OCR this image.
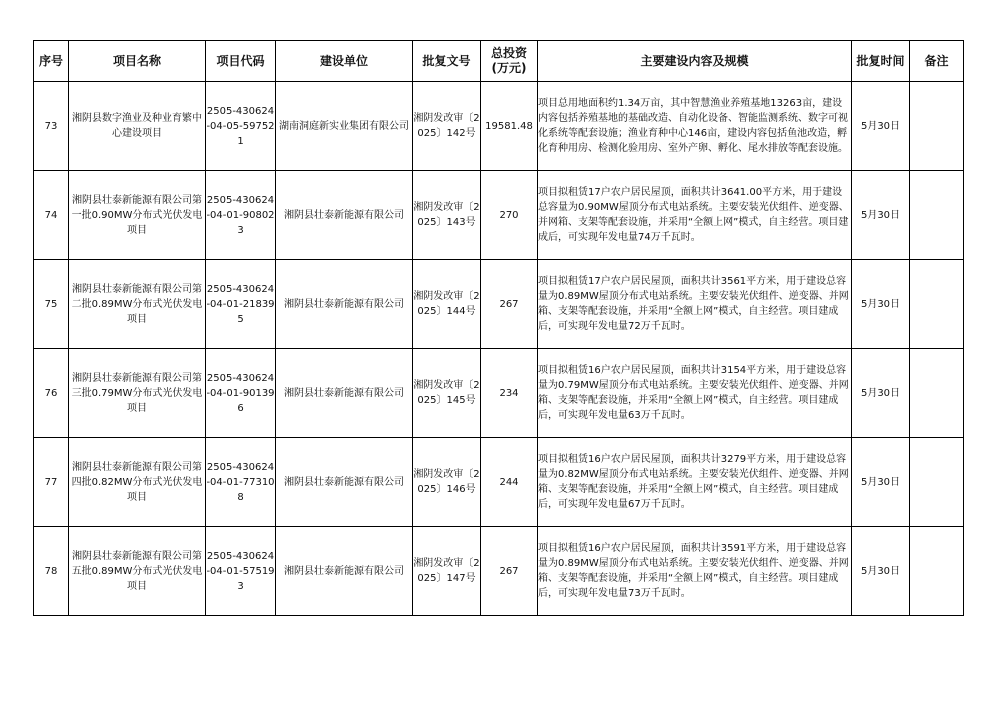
序号	项目名称	项目代码	建设单位	批复文号	总投资
(万元)	主要建设内容及规模	批复时间	备注
73	湘阴县数字渔业及种业育繁中心建设项目	2505-430624-04-05-597521	湖南洞庭新实业集团有限公司	湘阴发改审〔2025〕142号	19581.48	项目总用地面积约1.34万亩，其中智慧渔业养殖基地13263亩，建设内容包括养殖基地的基础改造、自动化设备、智能监测系统、数字可视化系统等配套设施；渔业育种中心146亩，建设内容包括鱼池改造，孵化育种用房、检测化验用房、室外产卵、孵化、尾水排放等配套设施。	5月30日	
74	湘阴县壮泰新能源有限公司第一批0.90MW分布式光伏发电项目	2505-430624-04-01-908023	湘阴县壮泰新能源有限公司	湘阴发改审〔2025〕143号	270	项目拟租赁17户农户居民屋顶，面积共计3641.00平方米，用于建设总容量为0.90MW屋顶分布式电站系统。主要安装光伏组件、逆变器、并网箱、支架等配套设施，并采用“全额上网”模式，自主经营。项目建成后，可实现年发电量74万千瓦时。	5月30日	
75	湘阴县壮泰新能源有限公司第二批0.89MW分布式光伏发电项目	2505-430624-04-01-218395	湘阴县壮泰新能源有限公司	湘阴发改审〔2025〕144号	267	项目拟租赁17户农户居民屋顶，面积共计3561平方米，用于建设总容量为0.89MW屋顶分布式电站系统。主要安装光伏组件、逆变器、并网箱、支架等配套设施，并采用“全额上网”模式，自主经营。项目建成后，可实现年发电量72万千瓦时。	5月30日	
76	湘阴县壮泰新能源有限公司第三批0.79MW分布式光伏发电项目	2505-430624-04-01-901396	湘阴县壮泰新能源有限公司	湘阴发改审〔2025〕145号	234	项目拟租赁16户农户居民屋顶，面积共计3154平方米，用于建设总容量为0.79MW屋顶分布式电站系统。主要安装光伏组件、逆变器、并网箱、支架等配套设施，并采用“全额上网”模式，自主经营。项目建成后，可实现年发电量63万千瓦时。	5月30日	
77	湘阴县壮泰新能源有限公司第四批0.82MW分布式光伏发电项目	2505-430624-04-01-773108	湘阴县壮泰新能源有限公司	湘阴发改审〔2025〕146号	244	项目拟租赁16户农户居民屋顶，面积共计3279平方米，用于建设总容量为0.82MW屋顶分布式电站系统。主要安装光伏组件、逆变器、并网箱、支架等配套设施，并采用“全额上网”模式，自主经营。项目建成后，可实现年发电量67万千瓦时。	5月30日	
78	湘阴县壮泰新能源有限公司第五批0.89MW分布式光伏发电项目	2505-430624-04-01-575193	湘阴县壮泰新能源有限公司	湘阴发改审〔2025〕147号	267	项目拟租赁16户农户居民屋顶，面积共计3591平方米，用于建设总容量为0.89MW屋顶分布式电站系统。主要安装光伏组件、逆变器、并网箱、支架等配套设施，并采用“全额上网”模式，自主经营。项目建成后，可实现年发电量73万千瓦时。	5月30日	
